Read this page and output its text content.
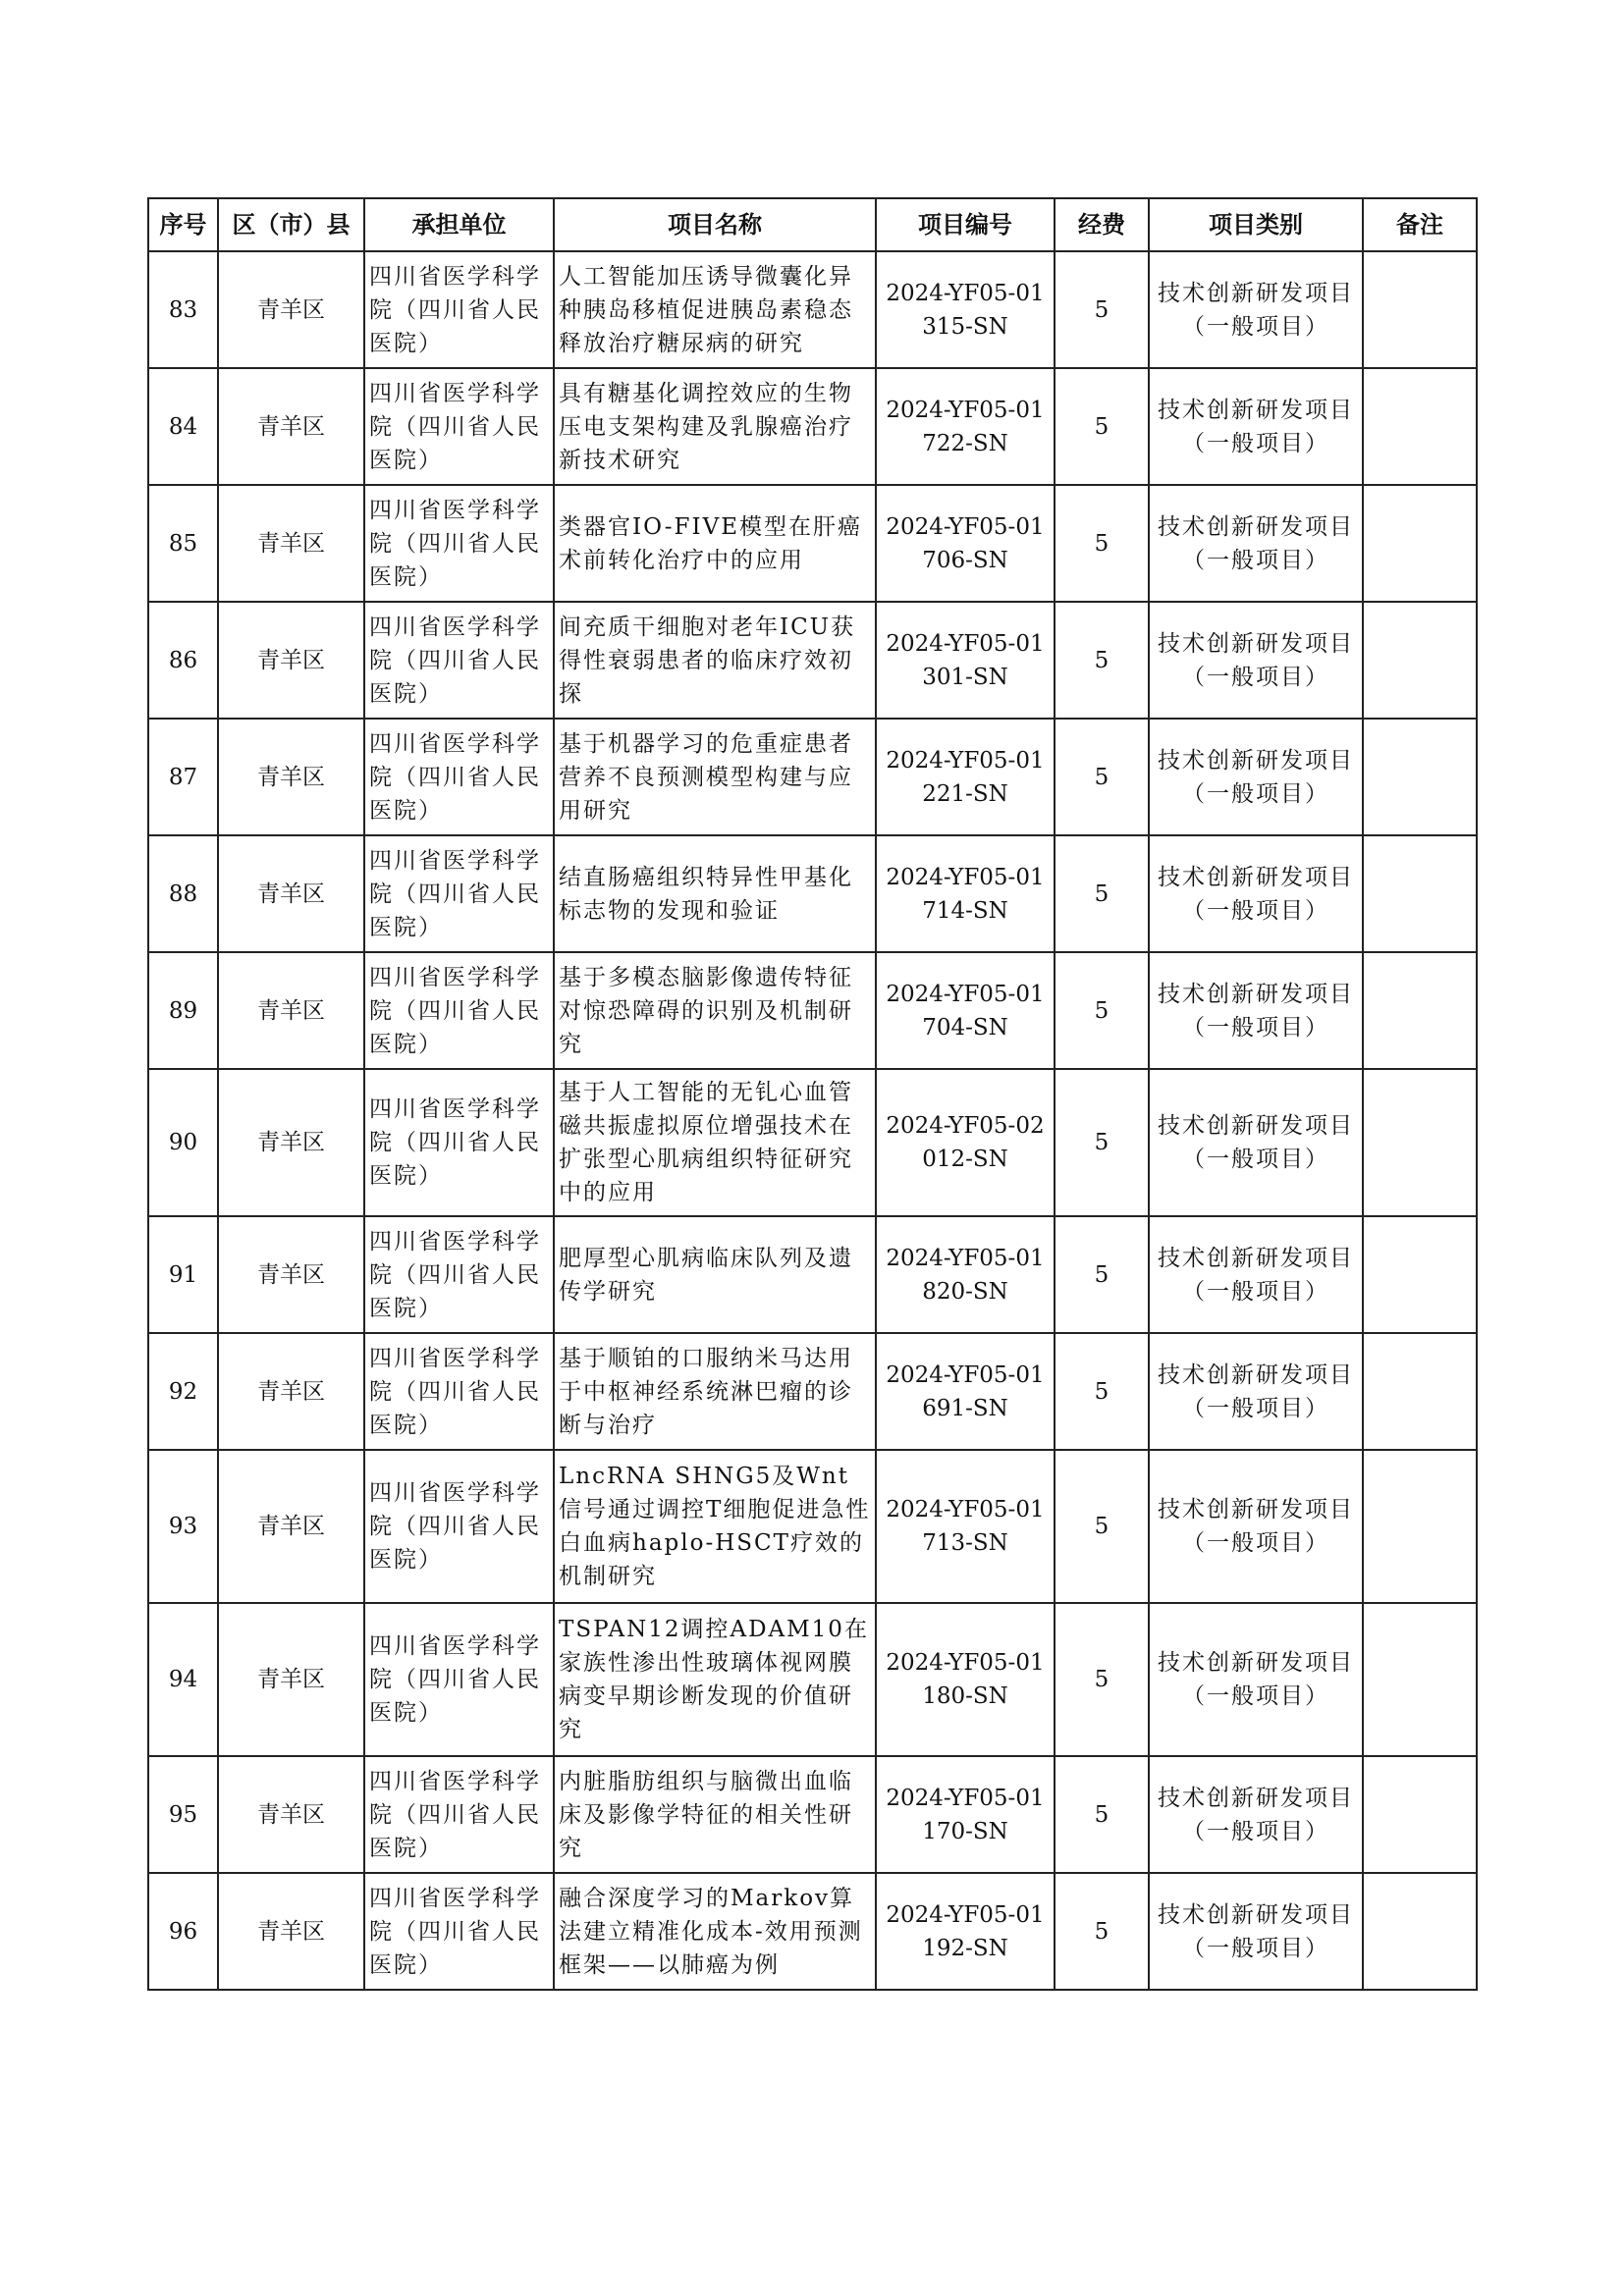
序号	区（市）县	承担单位	项目名称	项目编号	经费	项目类别	备注
83	青羊区	四川省医学科学院（四川省人民医院）	人工智能加压诱导微囊化异种胰岛移植促进胰岛素稳态释放治疗糖尿病的研究	2024-YF05-01315-SN	5	技术创新研发项目（一般项目）	
84	青羊区	四川省医学科学院（四川省人民医院）	具有糖基化调控效应的生物压电支架构建及乳腺癌治疗新技术研究	2024-YF05-01722-SN	5	技术创新研发项目（一般项目）	
85	青羊区	四川省医学科学院（四川省人民医院）	类器官IO-FIVE模型在肝癌术前转化治疗中的应用	2024-YF05-01706-SN	5	技术创新研发项目（一般项目）	
86	青羊区	四川省医学科学院（四川省人民医院）	间充质干细胞对老年ICU获得性衰弱患者的临床疗效初探	2024-YF05-01301-SN	5	技术创新研发项目（一般项目）	
87	青羊区	四川省医学科学院（四川省人民医院）	基于机器学习的危重症患者营养不良预测模型构建与应用研究	2024-YF05-01221-SN	5	技术创新研发项目（一般项目）	
88	青羊区	四川省医学科学院（四川省人民医院）	结直肠癌组织特异性甲基化标志物的发现和验证	2024-YF05-01714-SN	5	技术创新研发项目（一般项目）	
89	青羊区	四川省医学科学院（四川省人民医院）	基于多模态脑影像遗传特征对惊恐障碍的识别及机制研究	2024-YF05-01704-SN	5	技术创新研发项目（一般项目）	
90	青羊区	四川省医学科学院（四川省人民医院）	基于人工智能的无钆心血管磁共振虚拟原位增强技术在扩张型心肌病组织特征研究中的应用	2024-YF05-02012-SN	5	技术创新研发项目（一般项目）	
91	青羊区	四川省医学科学院（四川省人民医院）	肥厚型心肌病临床队列及遗传学研究	2024-YF05-01820-SN	5	技术创新研发项目（一般项目）	
92	青羊区	四川省医学科学院（四川省人民医院）	基于顺铂的口服纳米马达用于中枢神经系统淋巴瘤的诊断与治疗	2024-YF05-01691-SN	5	技术创新研发项目（一般项目）	
93	青羊区	四川省医学科学院（四川省人民医院）	LncRNA SHNG5及Wnt信号通过调控T细胞促进急性白血病haplo-HSCT疗效的机制研究	2024-YF05-01713-SN	5	技术创新研发项目（一般项目）	
94	青羊区	四川省医学科学院（四川省人民医院）	TSPAN12调控ADAM10在家族性渗出性玻璃体视网膜病变早期诊断发现的价值研究	2024-YF05-01180-SN	5	技术创新研发项目（一般项目）	
95	青羊区	四川省医学科学院（四川省人民医院）	内脏脂肪组织与脑微出血临床及影像学特征的相关性研究	2024-YF05-01170-SN	5	技术创新研发项目（一般项目）	
96	青羊区	四川省医学科学院（四川省人民医院）	融合深度学习的Markov算法建立精准化成本-效用预测框架——以肺癌为例	2024-YF05-01192-SN	5	技术创新研发项目（一般项目）	
